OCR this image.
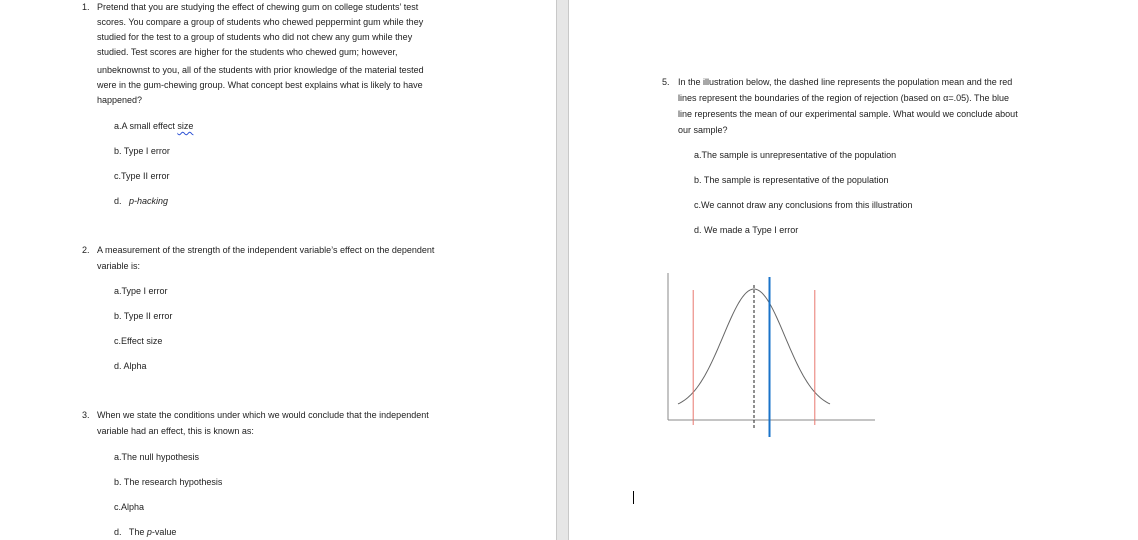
1. Pretend that you are studying the effect of chewing gum on college students’ test
scores. You compare a group of students who chewed peppermint gum while they
studied for the test to a group of students who did not chew any gum while they
studied. Test scores are higher for the students who chewed gum; however,
unbeknownst to you, all of the students with prior knowledge of the material tested
were in the gum-chewing group. What concept best explains what is likely to have
happened?
a.A small effect size
b. Type I error
c.Type II error
d.   p-hacking
2. A measurement of the strength of the independent variable’s effect on the dependent
variable is:
a.Type I error
b. Type II error
c.Effect size
d. Alpha
3. When we state the conditions under which we would conclude that the independent
variable had an effect, this is known as:
a.The null hypothesis
b. The research hypothesis
c.Alpha
d.   The p-value
5. In the illustration below, the dashed line represents the population mean and the red
lines represent the boundaries of the region of rejection (based on α=.05). The blue
line represents the mean of our experimental sample. What would we conclude about
our sample?
a.The sample is unrepresentative of the population
b. The sample is representative of the population
c.We cannot draw any conclusions from this illustration
d. We made a Type I error
